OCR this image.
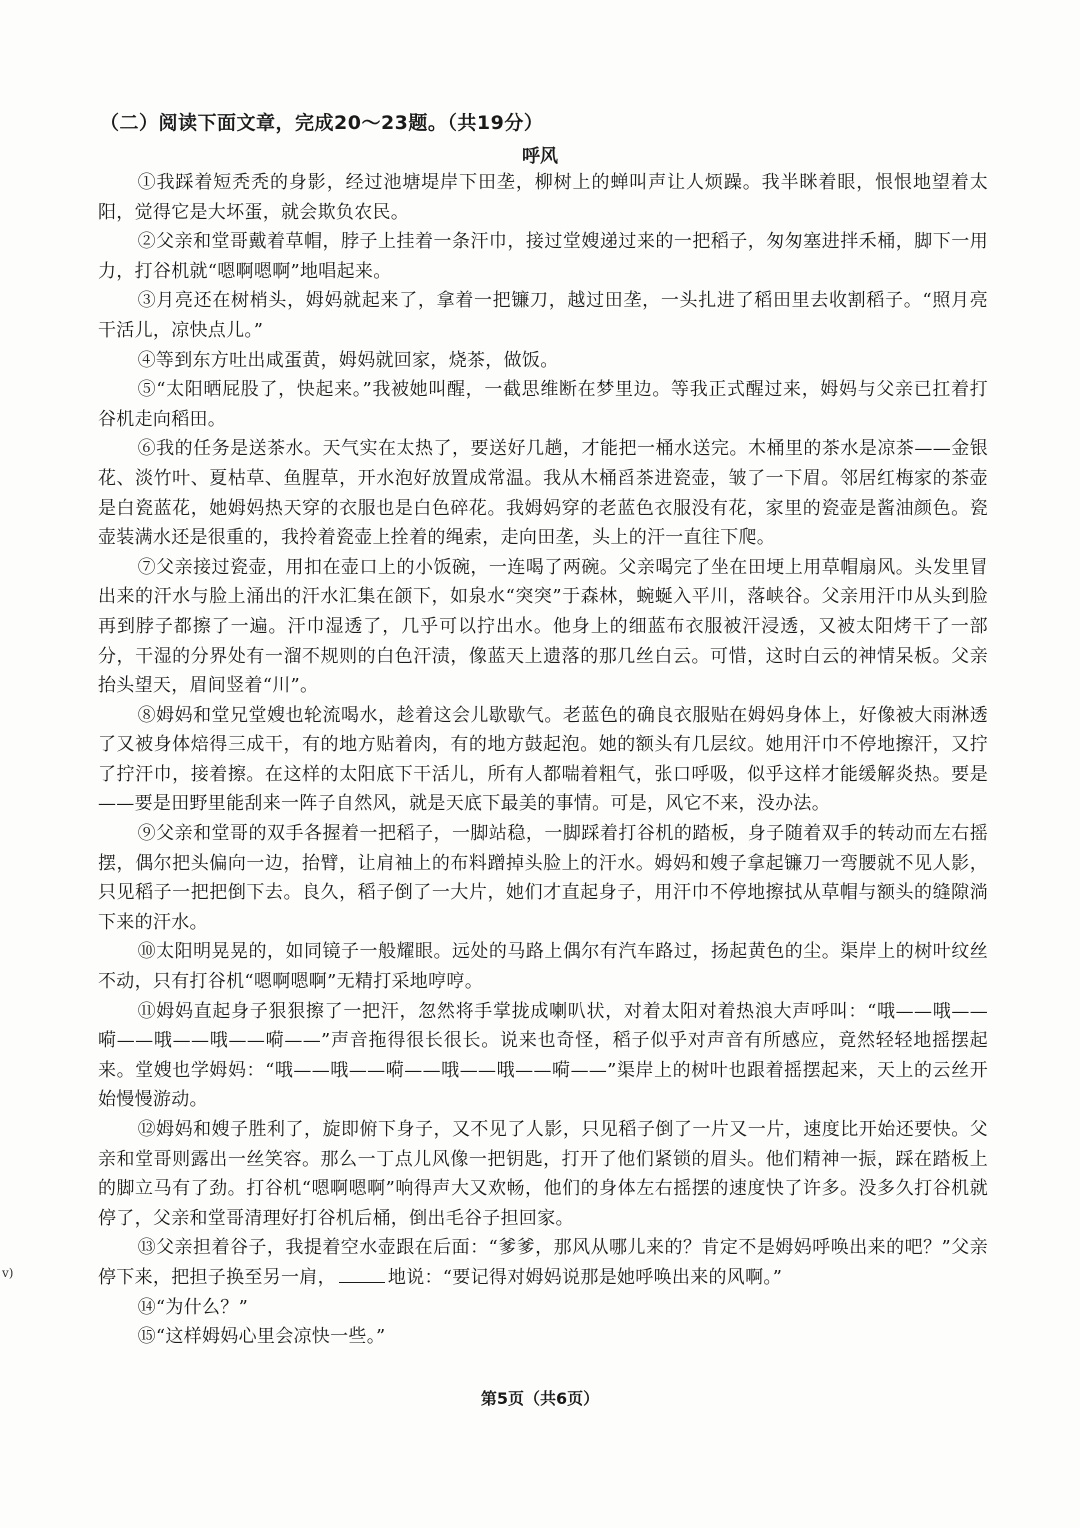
（二）阅读下面文章，完成20～23题。（共19分）
呼风

①我踩着短秃秃的身影，经过池塘堤岸下田垄，柳树上的蝉叫声让人烦躁。我半眯着眼，恨恨地望着太阳，觉得它是大坏蛋，就会欺负农民。

②父亲和堂哥戴着草帽，脖子上挂着一条汗巾，接过堂嫂递过来的一把稻子，匆匆塞进拌禾桶，脚下一用力，打谷机就“嗯啊嗯啊”地唱起来。

③月亮还在树梢头，姆妈就起来了，拿着一把镰刀，越过田垄，一头扎进了稻田里去收割稻子。“照月亮干活儿，凉快点儿。”

④等到东方吐出咸蛋黄，姆妈就回家，烧茶，做饭。

⑤“太阳晒屁股了，快起来。”我被她叫醒，一截思维断在梦里边。等我正式醒过来，姆妈与父亲已扛着打谷机走向稻田。

⑥我的任务是送茶水。天气实在太热了，要送好几趟，才能把一桶水送完。木桶里的茶水是凉茶——金银花、淡竹叶、夏枯草、鱼腥草，开水泡好放置成常温。我从木桶舀茶进瓷壶，皱了一下眉。邻居红梅家的茶壶是白瓷蓝花，她姆妈热天穿的衣服也是白色碎花。我姆妈穿的老蓝色衣服没有花，家里的瓷壶是酱油颜色。瓷壶装满水还是很重的，我拎着瓷壶上拴着的绳索，走向田垄，头上的汗一直往下爬。

⑦父亲接过瓷壶，用扣在壶口上的小饭碗，一连喝了两碗。父亲喝完了坐在田埂上用草帽扇风。头发里冒出来的汗水与脸上涌出的汗水汇集在颌下，如泉水“突突”于森林，蜿蜒入平川，落峡谷。父亲用汗巾从头到脸再到脖子都擦了一遍。汗巾湿透了，几乎可以拧出水。他身上的细蓝布衣服被汗浸透，又被太阳烤干了一部分，干湿的分界处有一溜不规则的白色汗渍，像蓝天上遗落的那几丝白云。可惜，这时白云的神情呆板。父亲抬头望天，眉间竖着“川”。

⑧姆妈和堂兄堂嫂也轮流喝水，趁着这会儿歇歇气。老蓝色的确良衣服贴在姆妈身体上，好像被大雨淋透了又被身体焙得三成干，有的地方贴着肉，有的地方鼓起泡。她的额头有几层纹。她用汗巾不停地擦汗，又拧了拧汗巾，接着擦。在这样的太阳底下干活儿，所有人都喘着粗气，张口呼吸，似乎这样才能缓解炎热。要是——要是田野里能刮来一阵子自然风，就是天底下最美的事情。可是，风它不来，没办法。

⑨父亲和堂哥的双手各握着一把稻子，一脚站稳，一脚踩着打谷机的踏板，身子随着双手的转动而左右摇摆，偶尔把头偏向一边，抬臂，让肩袖上的布料蹭掉头脸上的汗水。姆妈和嫂子拿起镰刀一弯腰就不见人影，只见稻子一把把倒下去。良久，稻子倒了一大片，她们才直起身子，用汗巾不停地擦拭从草帽与额头的缝隙淌下来的汗水。

⑩太阳明晃晃的，如同镜子一般耀眼。远处的马路上偶尔有汽车路过，扬起黄色的尘。渠岸上的树叶纹丝不动，只有打谷机“嗯啊嗯啊”无精打采地哼哼。

⑪姆妈直起身子狠狠擦了一把汗，忽然将手掌拢成喇叭状，对着太阳对着热浪大声呼叫：“哦——哦——嗬——哦——哦——嗬——”声音拖得很长很长。说来也奇怪，稻子似乎对声音有所感应，竟然轻轻地摇摆起来。堂嫂也学姆妈：“哦——哦——嗬——哦——哦——嗬——”渠岸上的树叶也跟着摇摆起来，天上的云丝开始慢慢游动。

⑫姆妈和嫂子胜利了，旋即俯下身子，又不见了人影，只见稻子倒了一片又一片，速度比开始还要快。父亲和堂哥则露出一丝笑容。那么一丁点儿风像一把钥匙，打开了他们紧锁的眉头。他们精神一振，踩在踏板上的脚立马有了劲。打谷机“嗯啊嗯啊”响得声大又欢畅，他们的身体左右摇摆的速度快了许多。没多久打谷机就停了，父亲和堂哥清理好打谷机后桶，倒出毛谷子担回家。

⑬父亲担着谷子，我提着空水壶跟在后面：“爹爹，那风从哪儿来的？肯定不是姆妈呼唤出来的吧？”父亲停下来，把担子换至另一肩，	地说：“要记得对姆妈说那是她呼唤出来的风啊。”

⑭“为什么？”

⑮“这样姆妈心里会凉快一些。”

v)
第5页（共6页）
